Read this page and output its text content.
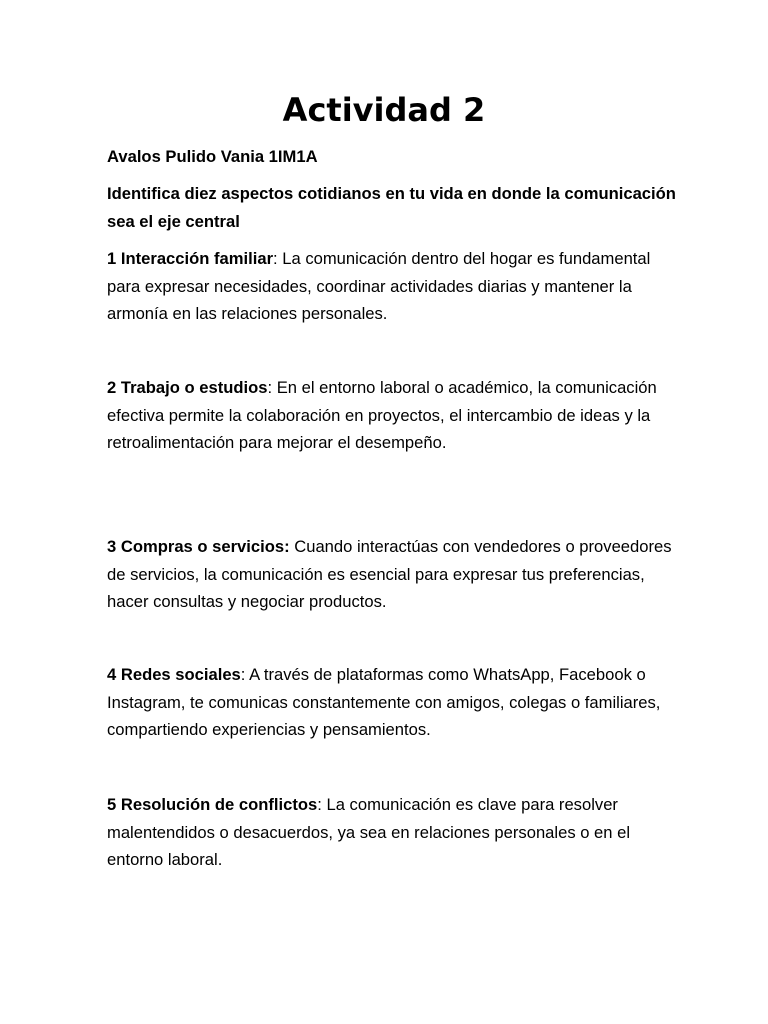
Actividad 2

Avalos Pulido Vania 1IM1A

Identifica diez aspectos cotidianos en tu vida en donde la comunicación sea el eje central

1 Interacción familiar: La comunicación dentro del hogar es fundamental para expresar necesidades, coordinar actividades diarias y mantener la armonía en las relaciones personales.

2 Trabajo o estudios: En el entorno laboral o académico, la comunicación efectiva permite la colaboración en proyectos, el intercambio de ideas y la retroalimentación para mejorar el desempeño.

3 Compras o servicios: Cuando interactúas con vendedores o proveedores de servicios, la comunicación es esencial para expresar tus preferencias, hacer consultas y negociar productos.

4 Redes sociales: A través de plataformas como WhatsApp, Facebook o Instagram, te comunicas constantemente con amigos, colegas o familiares, compartiendo experiencias y pensamientos.

5 Resolución de conflictos: La comunicación es clave para resolver malentendidos o desacuerdos, ya sea en relaciones personales o en el entorno laboral.
